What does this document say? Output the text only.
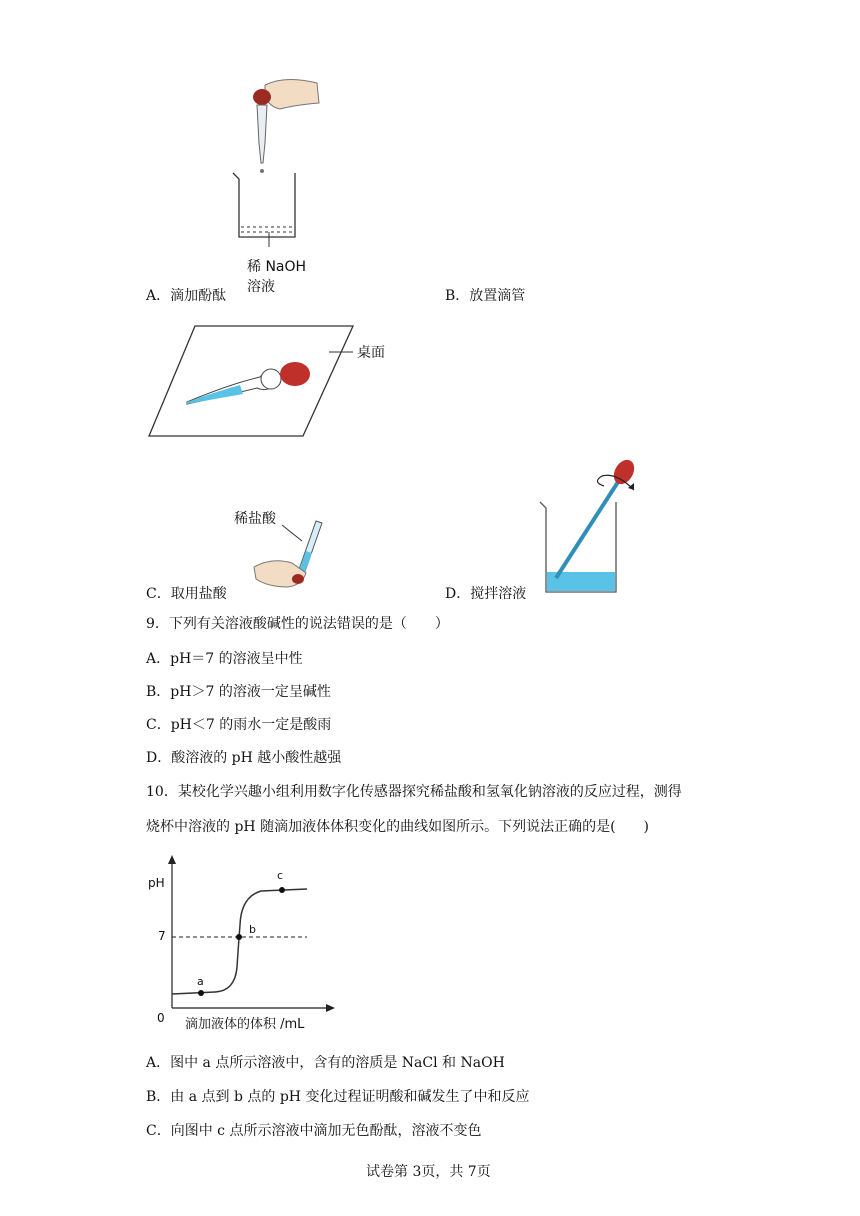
稀 NaOH
溶液
A．滴加酚酞	B．放置滴管
桌面
稀盐酸
C．取用盐酸	D．搅拌溶液
9．下列有关溶液酸碱性的说法错误的是（　　）
A．pH＝7 的溶液呈中性
B．pH＞7 的溶液一定呈碱性
C．pH＜7 的雨水一定是酸雨
D．酸溶液的 pH 越小酸性越强
10．某校化学兴趣小组利用数字化传感器探究稀盐酸和氢氧化钠溶液的反应过程，测得
烧杯中溶液的 pH 随滴加液体体积变化的曲线如图所示。下列说法正确的是(　　)
pH
7
0
a
b
c
滴加液体的体积 /mL
A．图中 a 点所示溶液中，含有的溶质是 NaCl 和 NaOH
B．由 a 点到 b 点的 pH 变化过程证明酸和碱发生了中和反应
C．向图中 c 点所示溶液中滴加无色酚酞，溶液不变色
试卷第 3页，共 7页
